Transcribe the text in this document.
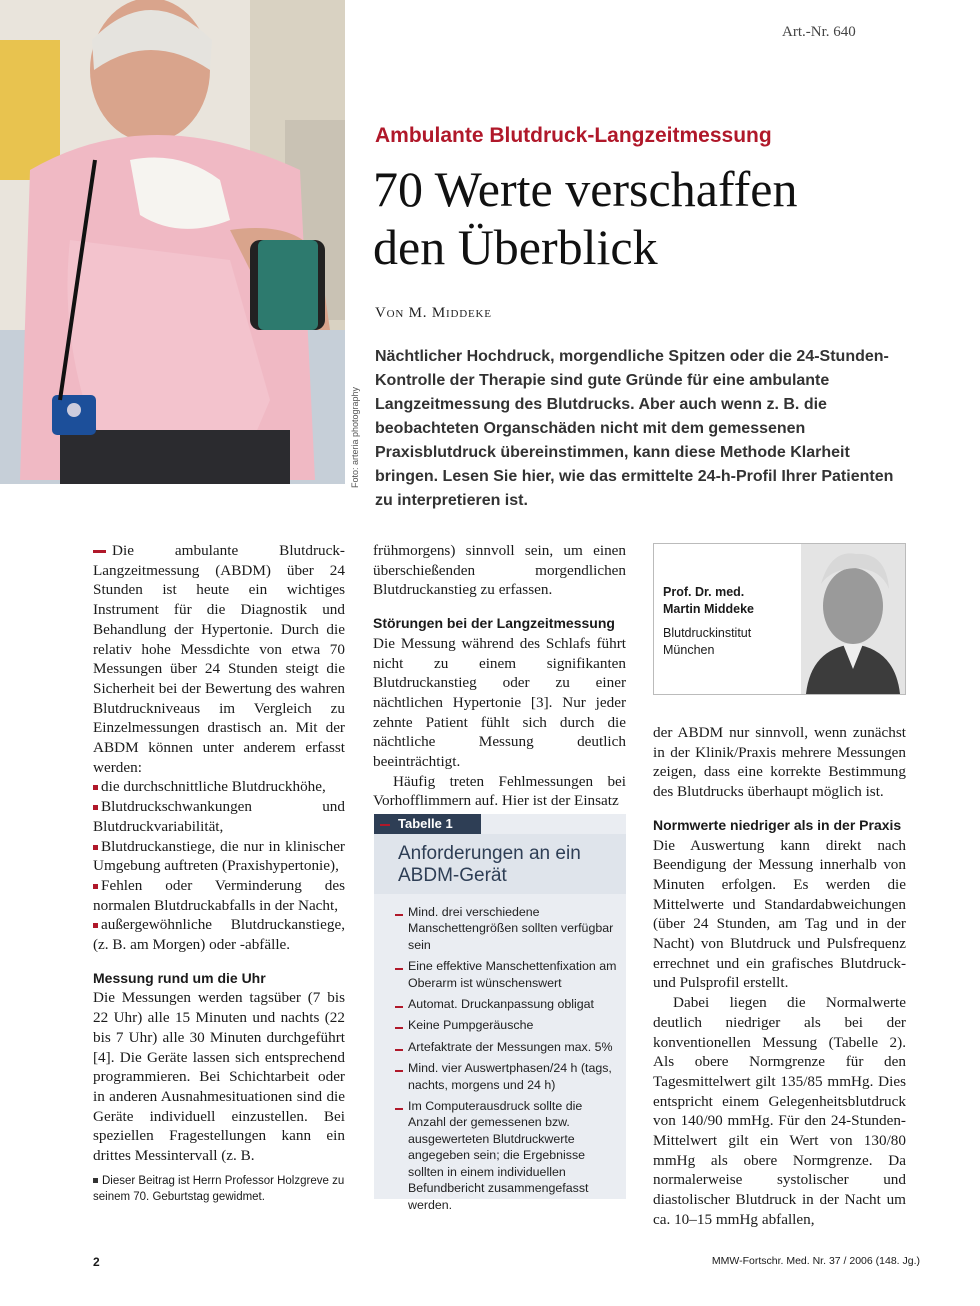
Art.-Nr. 640
Foto: arteria photography
Ambulante Blutdruck-Langzeitmessung
70 Werte verschaffen
den Überblick
Von M. Middeke
Nächtlicher Hochdruck, morgendliche Spitzen oder die 24-Stunden-Kontrolle der Therapie sind gute Gründe für eine ambulante Langzeitmessung des Blutdrucks. Aber auch wenn z. B. die beobachteten Organschäden nicht mit dem gemessenen Praxisblutdruck übereinstimmen, kann diese Methode Klarheit bringen. Lesen Sie hier, wie das ermittelte 24-h-Profil Ihrer Patienten zu interpretieren ist.

Die ambulante Blutdruck-Langzeitmessung (ABDM) über 24 Stunden ist heute ein wichtiges Instrument für die Diagnostik und Behandlung der Hypertonie. Durch die relativ hohe Messdichte von etwa 70 Messungen über 24 Stunden steigt die Sicherheit bei der Bewertung des wahren Blutdruckniveaus im Vergleich zu Einzelmessungen drastisch an. Mit der ABDM können unter anderem erfasst werden:

die durchschnittliche Blutdruckhöhe,

Blutdruckschwankungen und Blutdruckvariabilität,

Blutdruckanstiege, die nur in klinischer Umgebung auftreten (Praxishypertonie),

Fehlen oder Verminderung des normalen Blutdruckabfalls in der Nacht,

außergewöhnliche Blutdruckanstiege, (z. B. am Morgen) oder -abfälle.

Messung rund um die Uhr

Die Messungen werden tagsüber (7 bis 22 Uhr) alle 15 Minuten und nachts (22 bis 7 Uhr) alle 30 Minuten durchgeführt [4]. Die Geräte lassen sich entsprechend programmieren. Bei Schichtarbeit oder in anderen Ausnahmesituationen sind die Geräte individuell einzustellen. Bei speziellen Fragestellungen kann ein drittes Messintervall (z. B.

Dieser Beitrag ist Herrn Professor Holzgreve zu seinem 70. Geburtstag gewidmet.

frühmorgens) sinnvoll sein, um einen überschießenden morgendlichen Blutdruckanstieg zu erfassen.

Störungen bei der Langzeitmessung

Die Messung während des Schlafs führt nicht zu einem signifikanten Blutdruckanstieg oder zu einer nächtlichen Hypertonie [3]. Nur jeder zehnte Patient fühlt sich durch die nächtliche Messung deutlich beeinträchtigt.

Häufig treten Fehlmessungen bei Vorhofflimmern auf. Hier ist der Einsatz

Tabelle 1
Anforderungen an ein ABDM-Gerät
Mind. drei verschiedene Manschettengrößen sollten verfügbar sein
Eine effektive Manschettenfixation am Oberarm ist wünschenswert
Automat. Druckanpassung obligat
Keine Pumpgeräusche
Artefaktrate der Messungen max. 5%
Mind. vier Auswertphasen/24 h (tags, nachts, morgens und 24 h)
Im Computerausdruck sollte die Anzahl der gemessenen bzw. ausgewerteten Blutdruckwerte angegeben sein; die Ergebnisse sollten in einem individuellen Befundbericht zusammengefasst werden.
Prof. Dr. med.
Martin Middeke
Blutdruckinstitut
München

der ABDM nur sinnvoll, wenn zunächst in der Klinik/Praxis mehrere Messungen zeigen, dass eine korrekte Bestimmung des Blutdrucks überhaupt möglich ist.

Normwerte niedriger als in der Praxis

Die Auswertung kann direkt nach Beendigung der Messung innerhalb von Minuten erfolgen. Es werden die Mittelwerte und Standardabweichungen (über 24 Stunden, am Tag und in der Nacht) von Blutdruck und Pulsfrequenz errechnet und ein grafisches Blutdruck- und Pulsprofil erstellt.

Dabei liegen die Normalwerte deutlich niedriger als bei der konventionellen Messung (Tabelle 2). Als obere Normgrenze für den Tagesmittelwert gilt 135/85 mmHg. Dies entspricht einem Gelegenheitsblutdruck von 140/90 mmHg. Für den 24-Stunden-Mittelwert gilt ein Wert von 130/80 mmHg als obere Normgrenze. Da normalerweise systolischer und diastolischer Blutdruck in der Nacht um ca. 10–15 mmHg abfallen,

2	MMW-Fortschr. Med. Nr. 37 / 2006 (148. Jg.)
